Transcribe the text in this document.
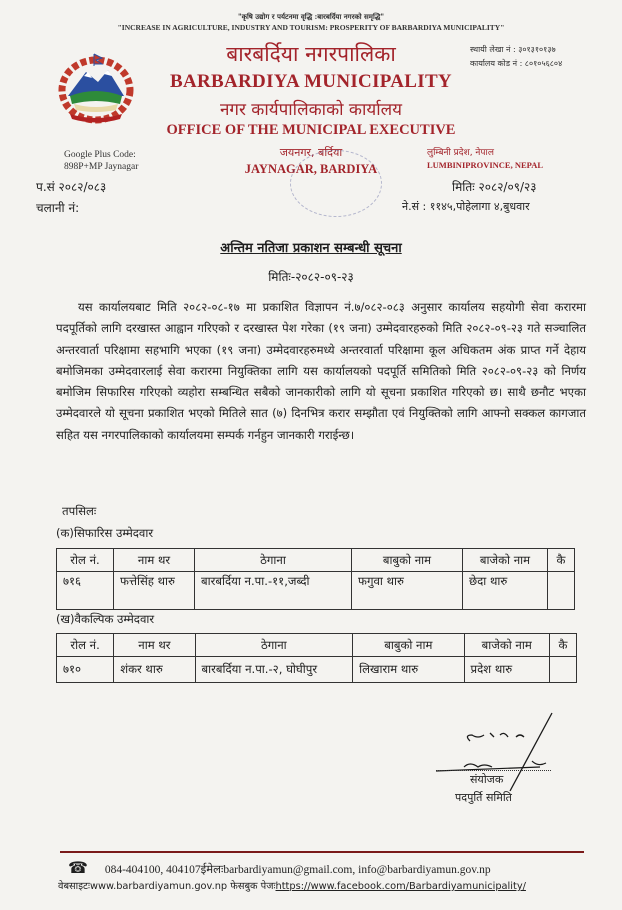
"कृषि उद्योग र पर्यटनमा वृद्धि :बारबर्दिया नगरको समृद्धि"
"INCREASE IN AGRICULTURE, INDUSTRY AND TOURISM: PROSPERITY OF BARBARDIYA MUNICIPALITY"
बारबर्दिया नगरपालिका
BARBARDIYA MUNICIPALITY
नगर कार्यपालिकाको कार्यालय
OFFICE OF THE MUNICIPAL EXECUTIVE
जयनगर, बर्दिया
JAYNAGAR, BARDIYA
स्थायी लेखा नं : ३०१३१०१३७
कार्यालय कोड नं : ८०१०५६८०४
Google Plus Code:
898P+MP Jaynagar
लुम्बिनी प्रदेश, नेपाल
LUMBINIPROVINCE, NEPAL
प.सं २०८२/०८३
चलानी नं:
मितिः २०८२/०९/२३
ने.सं : ११४५,पोहेलागा ४,बुधवार
अन्तिम नतिजा प्रकाशन सम्बन्धी सूचना
मितिः-२०८२-०९-२३
यस कार्यालयबाट मिति २०८२-०८-१७ मा प्रकाशित विज्ञापन नं.७/०८२-०८३ अनुसार कार्यालय सहयोगी सेवा करारमा पदपूर्तिको लागि दरखास्त आह्वान गरिएको र दरखास्त पेश गरेका (१९ जना) उम्मेदवारहरुको मिति २०८२-०९-२३ गते सञ्चालित अन्तरवार्ता परिक्षामा सहभागि भएका (१९ जना) उम्मेदवारहरुमध्ये अन्तरवार्ता परिक्षामा कूल अधिकतम अंक प्राप्त गर्ने देहाय बमोजिमका उम्मेदवारलाई सेवा करारमा नियुक्तिका लागि यस कार्यालयको पदपूर्ति समितिको मिति २०८२-०९-२३ को निर्णय बमोजिम सिफारिस गरिएको व्यहोरा सम्बन्धित सबैको जानकारीको लागि यो सूचना प्रकाशित गरिएको छ। साथै छनौट भएका उम्मेदवारले यो सूचना प्रकाशित भएको मितिले सात (७) दिनभित्र करार सम्झौता एवं नियुक्तिको लागि आफ्नो सक्कल कागजात सहित यस नगरपालिकाको कार्यालयमा सम्पर्क गर्नहुन जानकारी गराईन्छ।
तपसिलः
(क)सिफारिस उम्मेदवार
रोल नं.	नाम थर	ठेगाना	बाबुको नाम	बाजेको नाम	कै
७१६	फत्तेसिंह थारु	बारबर्दिया न.पा.-११,जब्दी	फगुवा थारु	छेदा थारु	
(ख)वैकल्पिक उम्मेदवार
रोल नं.	नाम थर	ठेगाना	बाबुको नाम	बाजेको नाम	कै
७१०	शंकर थारु	बारबर्दिया न.पा.-२, घोघीपुर	लिखाराम थारु	प्रदेश थारु	
संयोजक
पदपुर्ति समिति
☎ 084-404100, 404107ईमेलःbarbardiyamun@gmail.com, info@barbardiyamun.gov.np
वेबसाइटःwww.barbardiyamun.gov.np फेसबुक पेजःhttps://www.facebook.com/Barbardiyamunicipality/
